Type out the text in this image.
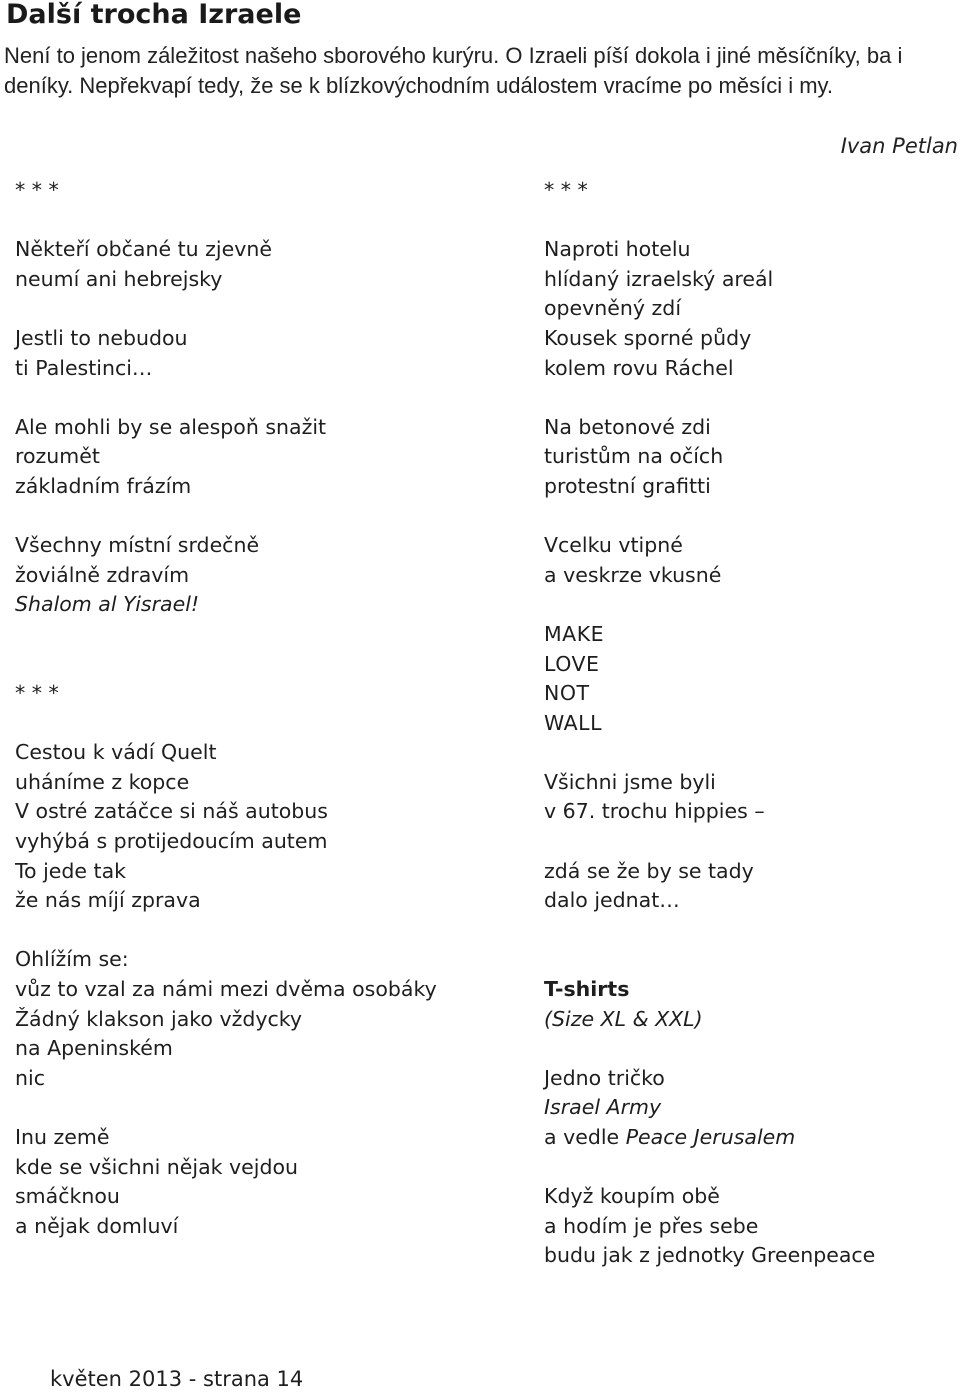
Další trocha Izraele

Není to jenom záležitost našeho sborového kurýru. O Izraeli píší dokola i jiné měsíčníky, ba i deníky. Nepřekvapí tedy, že se k blízkovýchodním událostem vracíme po měsíci i my.

Ivan Petlan
* * *
Někteří občané tu zjevně
neumí ani hebrejsky
Jestli to nebudou
ti Palestinci…
Ale mohli by se alespoň snažit
rozumět
základním frázím
Všechny místní srdečně
žoviálně zdravím
Shalom al Yisrael!
* * *
Cestou k vádí Quelt
uháníme z kopce
V ostré zatáčce si náš autobus
vyhýbá s protijedoucím autem
To jede tak
že nás míjí zprava
Ohlížím se:
vůz to vzal za námi mezi dvěma osobáky
Žádný klakson jako vždycky
na Apeninském
nic
Inu země
kde se všichni nějak vejdou
smáčknou
a nějak domluví
* * *
Naproti hotelu
hlídaný izraelský areál
opevněný zdí
Kousek sporné půdy
kolem rovu Ráchel
Na betonové zdi
turistům na očích
protestní grafitti
Vcelku vtipné
a veskrze vkusné
MAKE
LOVE
NOT
WALL
Všichni jsme byli
v 67. trochu hippies –
zdá se že by se tady
dalo jednat…
T-shirts
(Size XL & XXL)
Jedno tričko
Israel Army
a vedle Peace Jerusalem
Když koupím obě
a hodím je přes sebe
budu jak z jednotky Greenpeace
květen 2013 - strana 14
